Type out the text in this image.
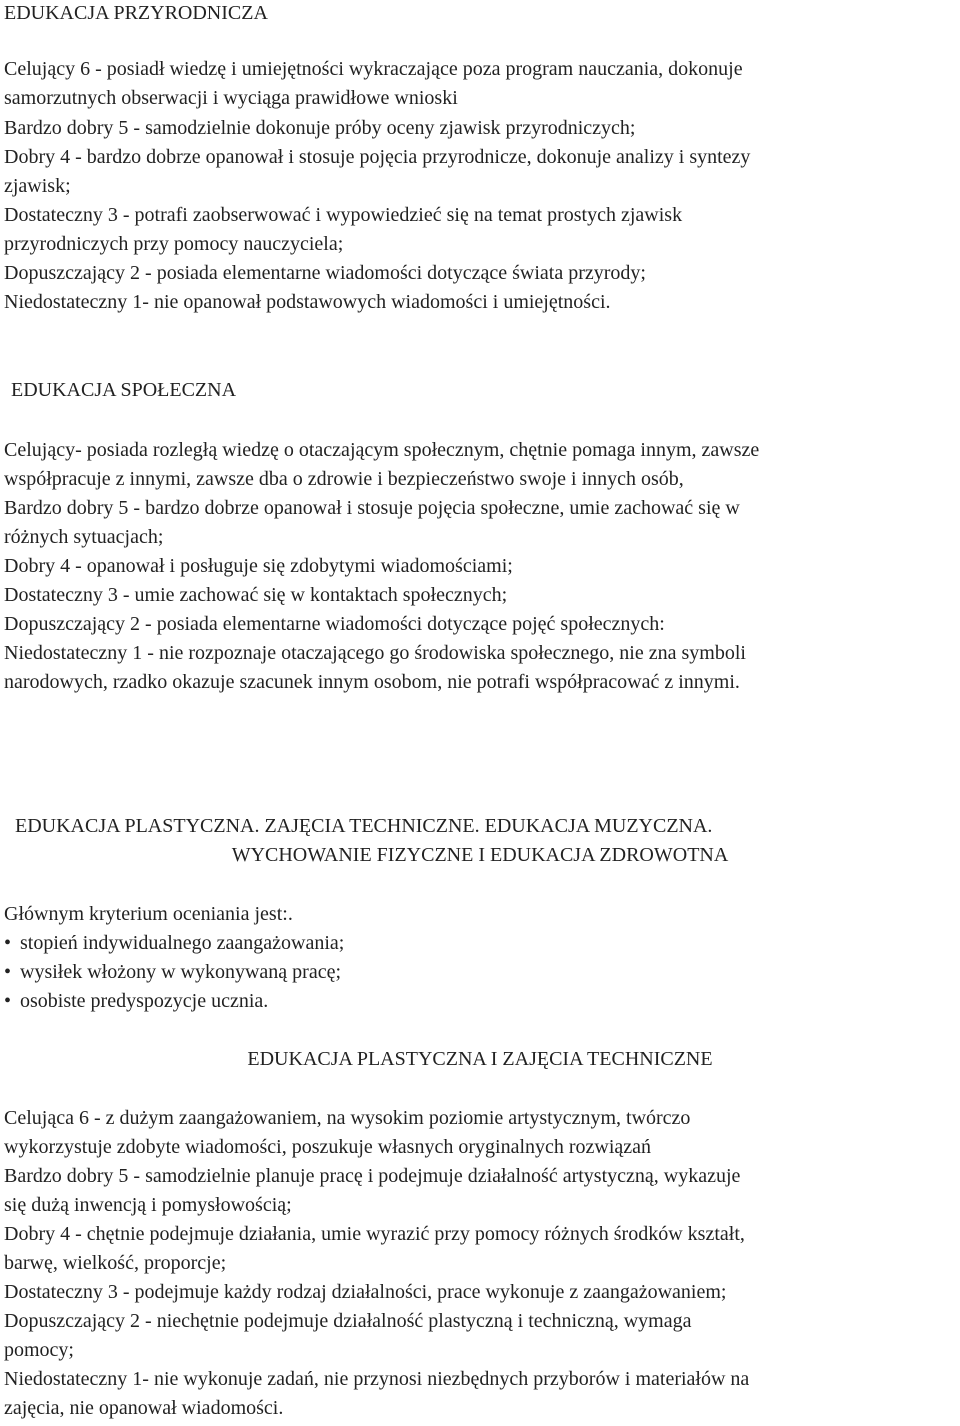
EDUKACJA PRZYRODNICZA
Celujący 6 - posiadł wiedzę i umiejętności wykraczające poza program nauczania, dokonuje
samorzutnych obserwacji i wyciąga prawidłowe wnioski
Bardzo dobry 5 - samodzielnie dokonuje próby oceny zjawisk przyrodniczych;
Dobry 4 - bardzo dobrze opanował i stosuje pojęcia przyrodnicze, dokonuje analizy i syntezy
zjawisk;
Dostateczny 3 - potrafi zaobserwować i wypowiedzieć się na temat prostych zjawisk
przyrodniczych przy pomocy nauczyciela;
Dopuszczający 2 - posiada elementarne wiadomości dotyczące świata przyrody;
Niedostateczny 1- nie opanował podstawowych wiadomości i umiejętności.
EDUKACJA SPOŁECZNA
Celujący- posiada rozległą wiedzę o otaczającym społecznym, chętnie pomaga innym, zawsze
współpracuje z innymi, zawsze dba o zdrowie i bezpieczeństwo swoje i innych osób,
Bardzo dobry 5 - bardzo dobrze opanował i stosuje pojęcia społeczne, umie zachować się w
różnych sytuacjach;
Dobry 4 - opanował i posługuje się zdobytymi wiadomościami;
Dostateczny 3 - umie zachować się w kontaktach społecznych;
Dopuszczający 2 - posiada elementarne wiadomości dotyczące pojęć społecznych:
Niedostateczny 1 - nie rozpoznaje otaczającego go środowiska społecznego, nie zna symboli
narodowych, rzadko okazuje szacunek innym osobom, nie potrafi współpracować z innymi.
EDUKACJA PLASTYCZNA. ZAJĘCIA TECHNICZNE. EDUKACJA MUZYCZNA.
WYCHOWANIE FIZYCZNE I EDUKACJA ZDROWOTNA
Głównym kryterium oceniania jest:.
• stopień indywidualnego zaangażowania;
• wysiłek włożony w wykonywaną pracę;
• osobiste predyspozycje ucznia.
EDUKACJA PLASTYCZNA I ZAJĘCIA TECHNICZNE
Celująca 6 - z dużym zaangażowaniem, na wysokim poziomie artystycznym, twórczo
wykorzystuje zdobyte wiadomości, poszukuje własnych oryginalnych rozwiązań
Bardzo dobry 5 - samodzielnie planuje pracę i podejmuje działalność artystyczną, wykazuje
się dużą inwencją i pomysłowością;
Dobry 4 - chętnie podejmuje działania, umie wyrazić przy pomocy różnych środków kształt,
barwę, wielkość, proporcje;
Dostateczny 3 - podejmuje każdy rodzaj działalności, prace wykonuje z zaangażowaniem;
Dopuszczający 2 - niechętnie podejmuje działalność plastyczną i techniczną, wymaga
pomocy;
Niedostateczny 1- nie wykonuje zadań, nie przynosi niezbędnych przyborów i materiałów na
zajęcia, nie opanował wiadomości.
